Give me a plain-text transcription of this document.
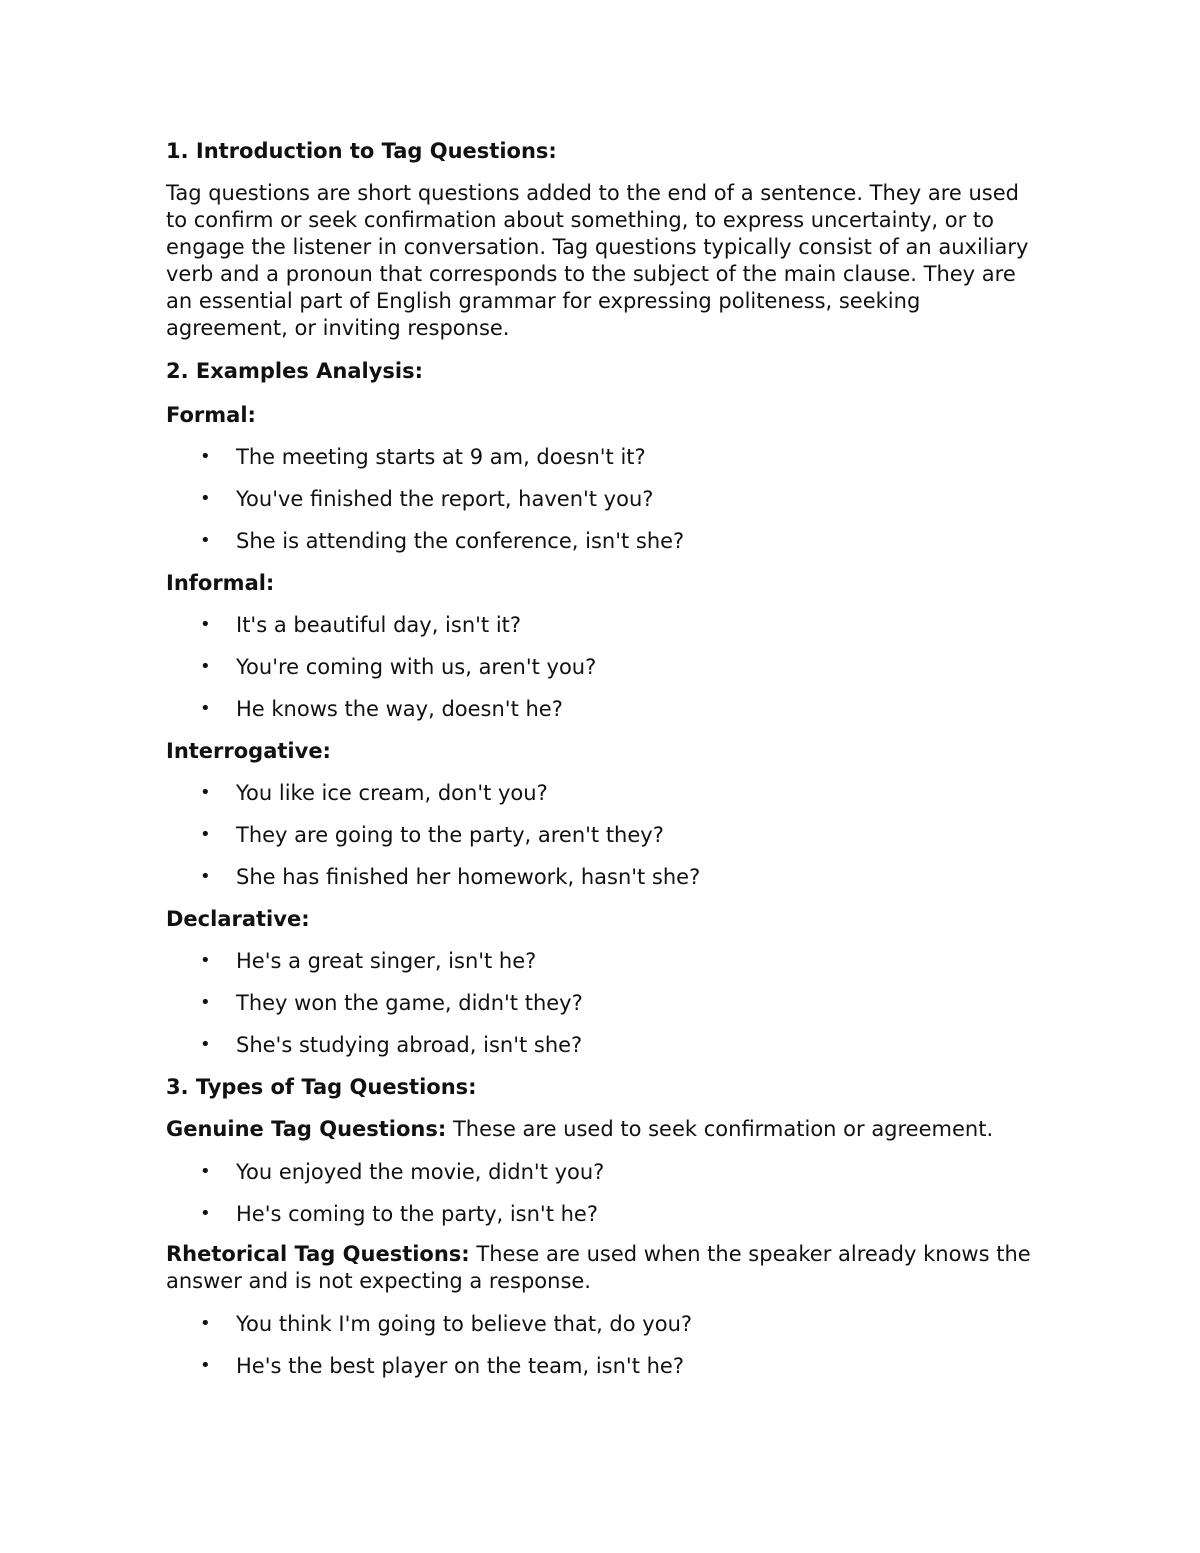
1. Introduction to Tag Questions:

Tag questions are short questions added to the end of a sentence. They are used to confirm or seek confirmation about something, to express uncertainty, or to engage the listener in conversation. Tag questions typically consist of an auxiliary verb and a pronoun that corresponds to the subject of the main clause. They are an essential part of English grammar for expressing politeness, seeking agreement, or inviting response.

2. Examples Analysis:
Formal:
• The meeting starts at 9 am, doesn't it?
• You've finished the report, haven't you?
• She is attending the conference, isn't she?
Informal:
• It's a beautiful day, isn't it?
• You're coming with us, aren't you?
• He knows the way, doesn't he?
Interrogative:
• You like ice cream, don't you?
• They are going to the party, aren't they?
• She has finished her homework, hasn't she?
Declarative:
• He's a great singer, isn't he?
• They won the game, didn't they?
• She's studying abroad, isn't she?
3. Types of Tag Questions:

Genuine Tag Questions: These are used to seek confirmation or agreement.

• You enjoyed the movie, didn't you?
• He's coming to the party, isn't he?

Rhetorical Tag Questions: These are used when the speaker already knows the answer and is not expecting a response.

• You think I'm going to believe that, do you?
• He's the best player on the team, isn't he?
